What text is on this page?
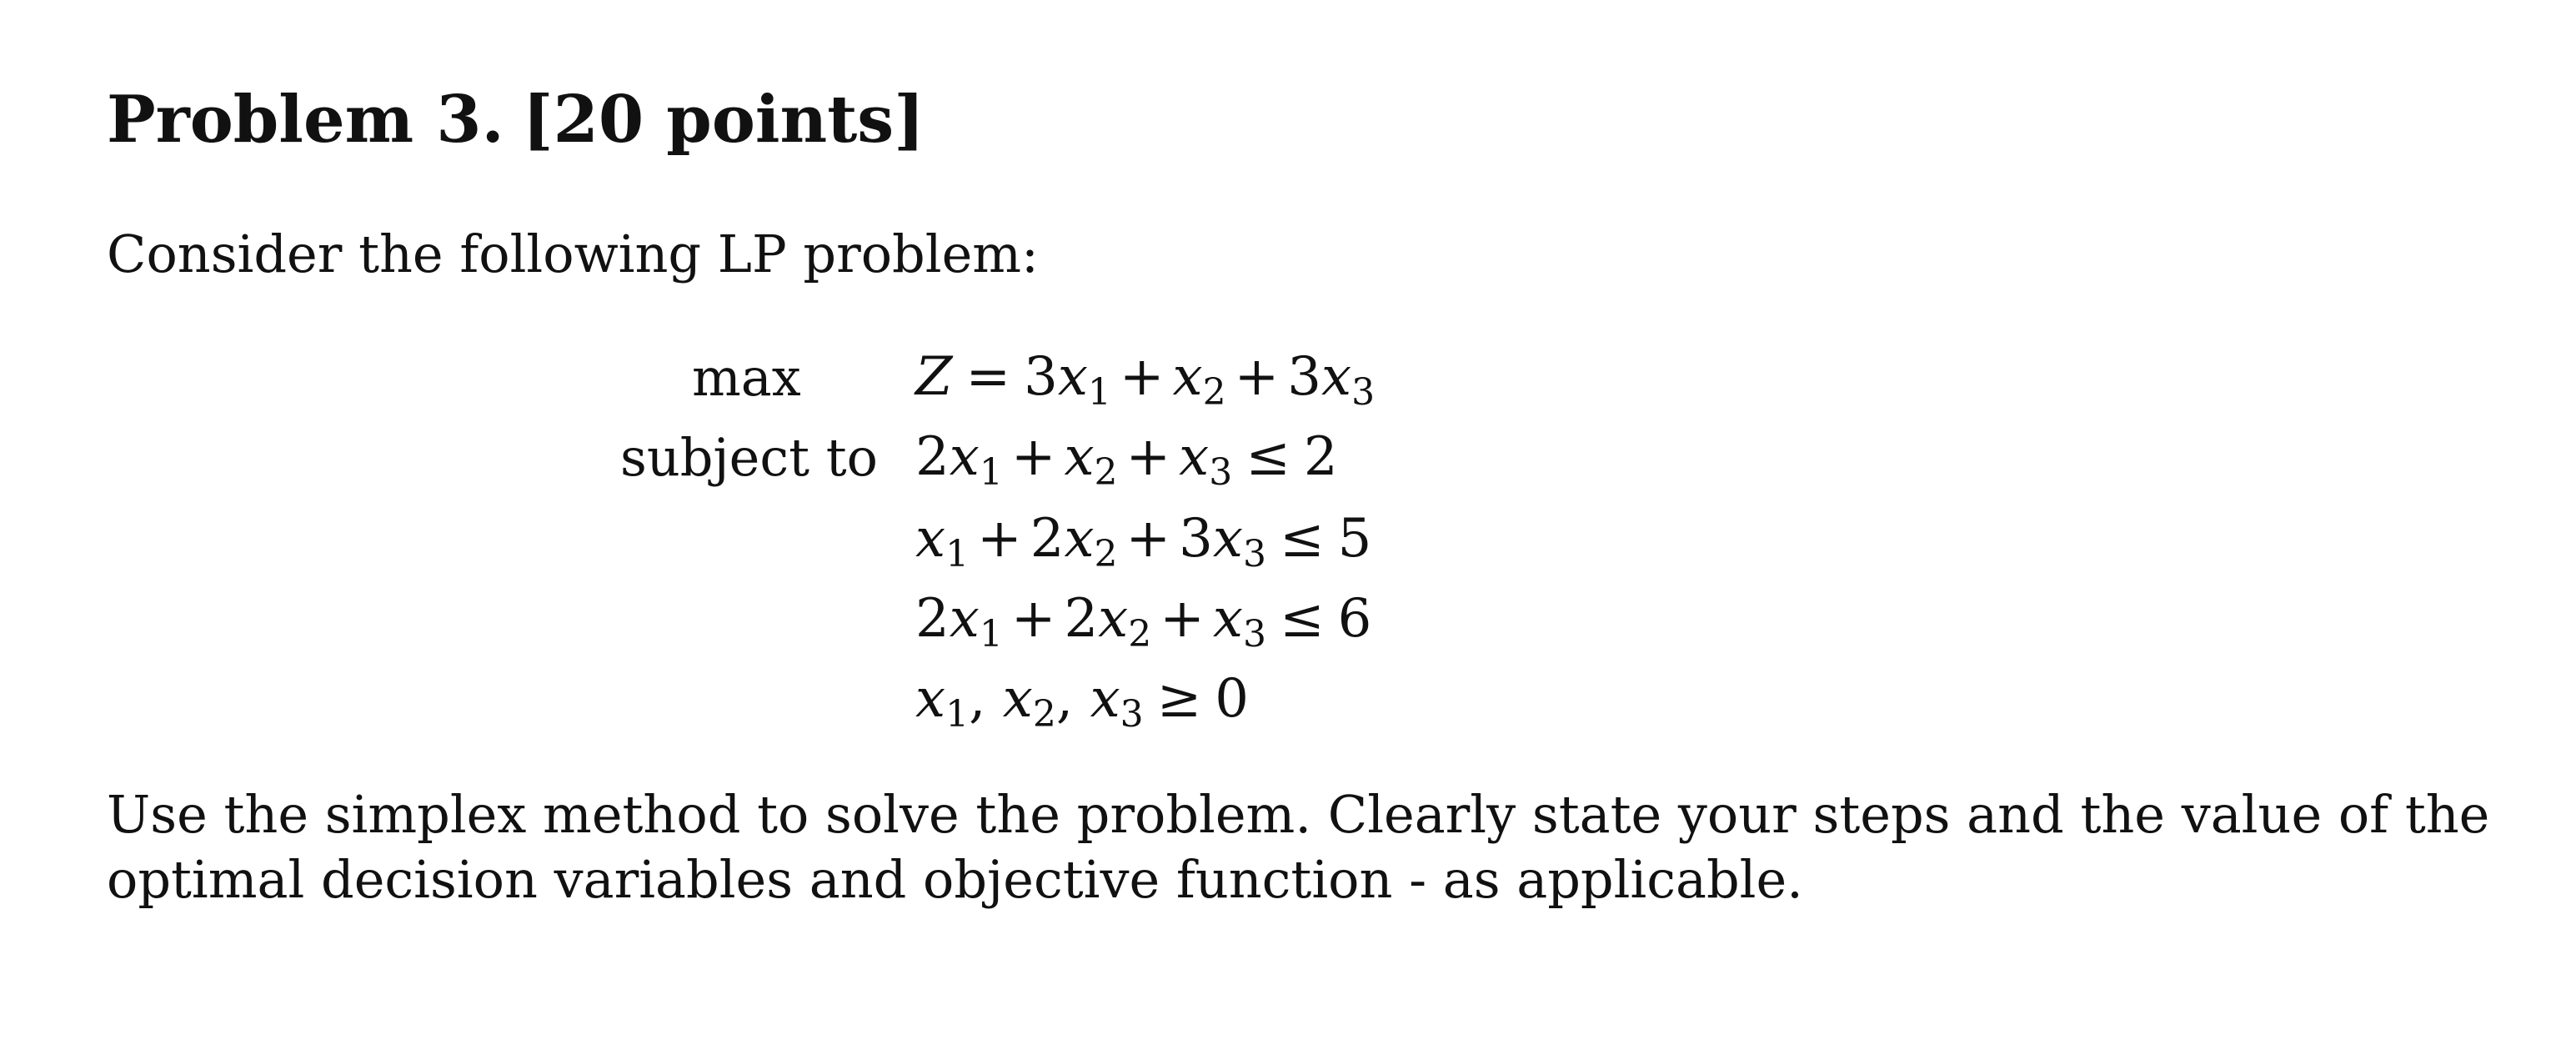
Problem 3. [20 points]
Consider the following LP problem:
max
subject to
$Z = 3x_1 + x_2 + 3x_3$
$2x_1 + x_2 + x_3 \le 2$
$x_1 + 2x_2 + 3x_3 \le 5$
$2x_1 + 2x_2 + x_3 \le 6$
$x_1$, $x_2$, $x_3 \ge 0$
Use the simplex method to solve the problem. Clearly state your steps and the value of the
optimal decision variables and objective function - as applicable.
